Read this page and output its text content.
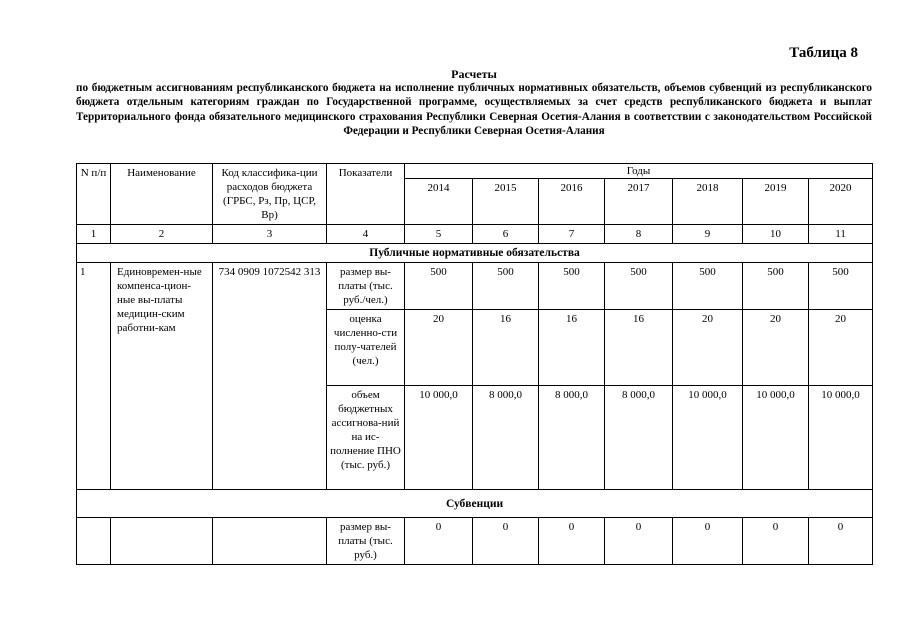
Таблица 8
Расчеты
по бюджетным ассигнованиям республиканского бюджета на исполнение публичных нормативных обязательств, объемов субвенций из республиканского бюджета отдельным категориям граждан по Государственной программе, осуществляемых за счет средств республиканского бюджета и выплат Территориального фонда обязательного медицинского страхования Республики Северная Осетия-Алания в соответствии с законодательством Российской Федерации и Республики Северная Осетия-Алания
N п/п	Наименование	Код классифика-ции расходов бюджета (ГРБС, Рз, Пр, ЦСР, Вр)	Показатели	Годы						
				2014	2015	2016	2017	2018	2019	2020
1	2	3	4	5	6	7	8	9	10	11
Публичные нормативные обязательства										
1	Единовремен-ные компенса-цион-ные вы-платы медицин-ским работни-кам	734 0909 1072542 313	размер вы-платы (тыс. руб./чел.)	500	500	500	500	500	500	500
			оценка численно-сти полу-чателей (чел.)	20	16	16	16	20	20	20
			объем бюджетных ассигнова-ний на ис-полнение ПНО (тыс. руб.)	10 000,0	8 000,0	8 000,0	8 000,0	10 000,0	10 000,0	10 000,0
Субвенции										
			размер вы-платы (тыс. руб.)	0	0	0	0	0	0	0
